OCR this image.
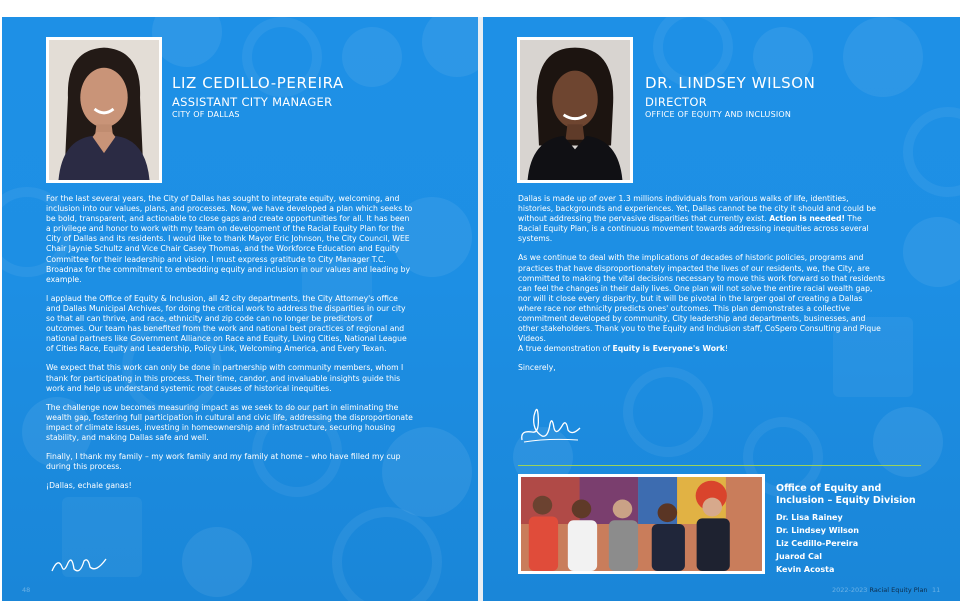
LIZ CEDILLO-PEREIRA
ASSISTANT CITY MANAGER
CITY OF DALLAS

For the last several years, the City of Dallas has sought to integrate equity, welcoming, and inclusion into our values, plans, and processes. Now, we have developed a plan which seeks to be bold, transparent, and actionable to close gaps and create opportunities for all. It has been a privilege and honor to work with my team on development of the Racial Equity Plan for the City of Dallas and its residents. I would like to thank Mayor Eric Johnson, the City Council, WEE Chair Jaynie Schultz and Vice Chair Casey Thomas, and the Workforce Education and Equity Committee for their leadership and vision. I must express gratitude to City Manager T.C. Broadnax for the commitment to embedding equity and inclusion in our values and leading by example.

I applaud the Office of Equity & Inclusion, all 42 city departments, the City Attorney's office and Dallas Municipal Archives, for doing the critical work to address the disparities in our city so that all can thrive, and race, ethnicity and zip code can no longer be predictors of outcomes. Our team has benefited from the work and national best practices of regional and national partners like Government Alliance on Race and Equity, Living Cities, National League of Cities Race, Equity and Leadership, Policy Link, Welcoming America, and Every Texan.

We expect that this work can only be done in partnership with community members, whom I thank for participating in this process. Their time, candor, and invaluable insights guide this work and help us understand systemic root causes of historical inequities.

The challenge now becomes measuring impact as we seek to do our part in eliminating the wealth gap, fostering full participation in cultural and civic life, addressing the disproportionate impact of climate issues, investing in homeownership and infrastructure, securing housing stability, and making Dallas safe and well.

Finally, I thank my family – my work family and my family at home – who have filled my cup during this process.

¡Dallas, echale ganas!

48
DR. LINDSEY WILSON
DIRECTOR
OFFICE OF EQUITY AND INCLUSION

Dallas is made up of over 1.3 millions individuals from various walks of life, identities, histories, backgrounds and experiences. Yet, Dallas cannot be the city it should and could be without addressing the pervasive disparities that currently exist. Action is needed! The Racial Equity Plan, is a continuous movement towards addressing inequities across several systems.

As we continue to deal with the implications of decades of historic policies, programs and practices that have disproportionately impacted the lives of our residents, we, the City, are committed to making the vital decisions necessary to move this work forward so that residents can feel the changes in their daily lives. One plan will not solve the entire racial wealth gap, nor will it close every disparity, but it will be pivotal in the larger goal of creating a Dallas where race nor ethnicity predicts ones' outcomes. This plan demonstrates a collective commitment developed by community, City leadership and departments, businesses, and other stakeholders. Thank you to the Equity and Inclusion staff, CoSpero Consulting and Pique Videos.
A true demonstration of Equity is Everyone's Work!

Sincerely,

Office of Equity and Inclusion – Equity Division
Dr. Lisa Rainey
Dr. Lindsey Wilson
Liz Cedillo-Pereira
Juarod Cal
Kevin Acosta
2022-2023 Racial Equity Plan 11
